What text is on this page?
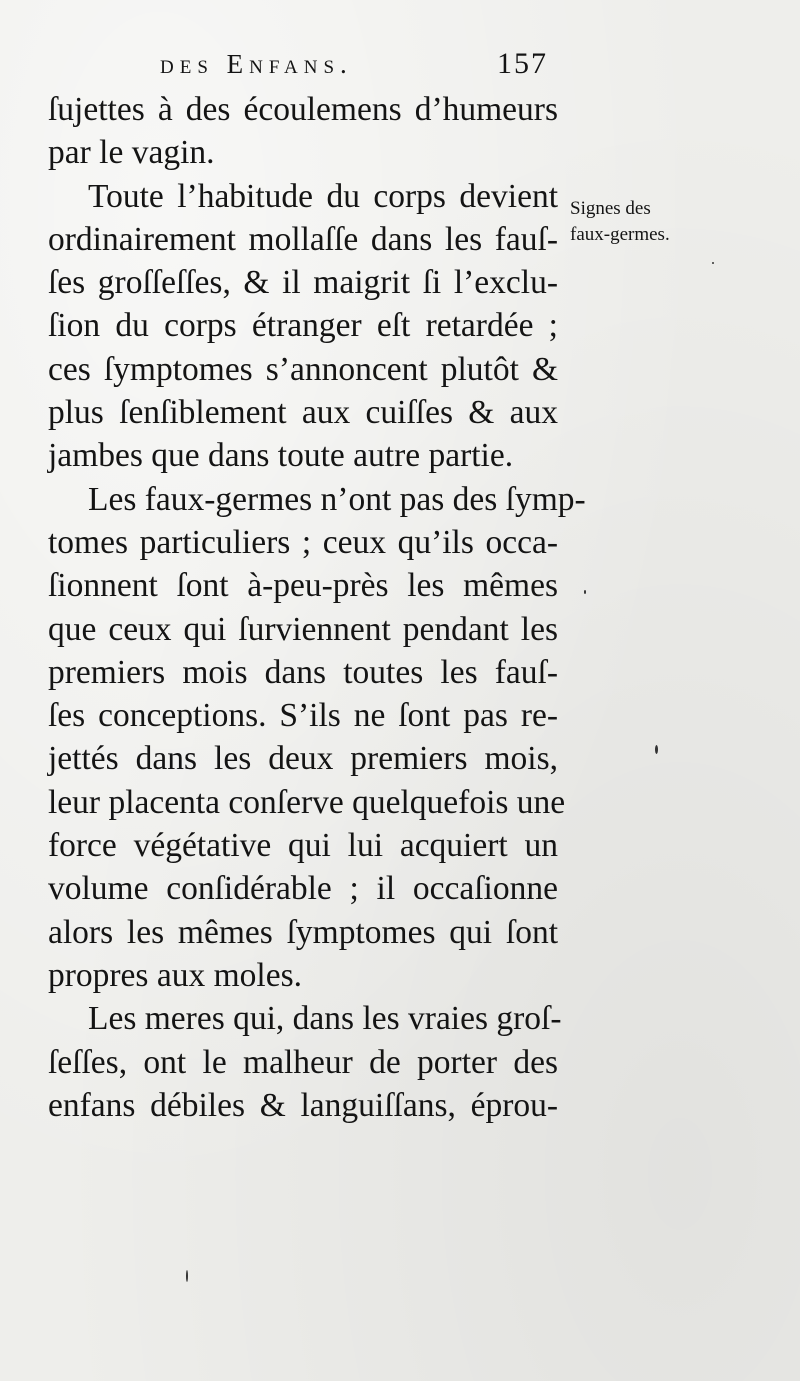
des Enfans.	157
ſujettes à des écoulemens d’humeurs
par le vagin.
Toute l’habitude du corps devient
ordinairement mollaſſe dans les fauſ-
ſes groſſeſſes, & il maigrit ſi l’exclu-
ſion du corps étranger eſt retardée ;
ces ſymptomes s’annoncent plutôt &
plus ſenſiblement aux cuiſſes & aux
jambes que dans toute autre partie.
Les faux-germes n’ont pas des ſymp-
tomes particuliers ; ceux qu’ils occa-
ſionnent ſont à-peu-près les mêmes
que ceux qui ſurviennent pendant les
premiers mois dans toutes les fauſ-
ſes conceptions. S’ils ne ſont pas re-
jettés dans les deux premiers mois,
leur placenta conſerve quelquefois une
force végétative qui lui acquiert un
volume conſidérable ; il occaſionne
alors les mêmes ſymptomes qui ſont
propres aux moles.
Les meres qui, dans les vraies groſ-
ſeſſes, ont le malheur de porter des
enfans débiles & languiſſans, éprou-
Signes des
faux-germes.
